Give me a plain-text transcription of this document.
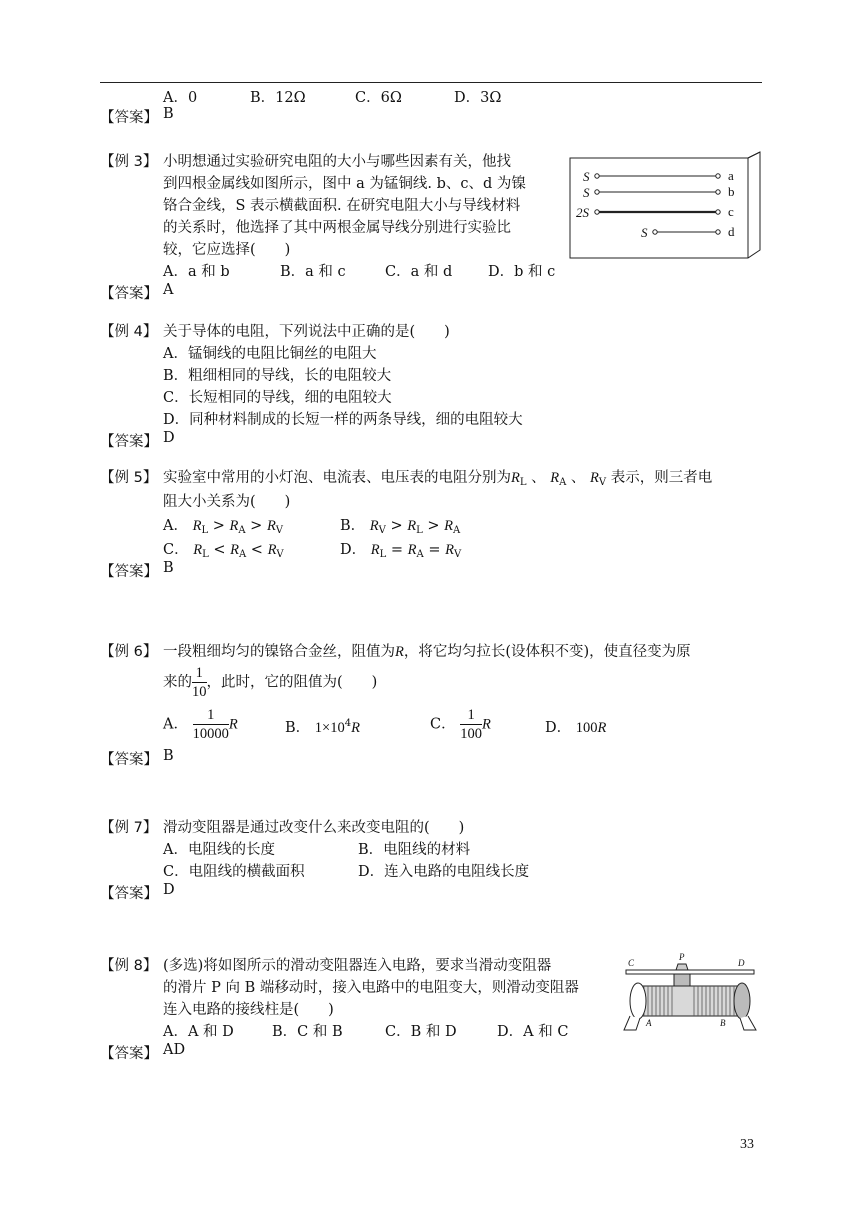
A．0	B．12Ω	C．6Ω	D．3Ω
【答案】 B
【例 3】 小明想通过实验研究电阻的大小与哪些因素有关，他找
到四根金属线如图所示，图中 a 为锰铜线. b、c、d 为镍
铬合金线，S 表示横截面积. 在研究电阻大小与导线材料
的关系时，他选择了其中两根金属导线分别进行实验比
较，它应选择(　　)
A．a 和 b	B．a 和 c	C．a 和 d D．b 和 c
【答案】 A
S
S
2S
S
a
b
c
d
【例 4】 关于导体的电阻，下列说法中正确的是(　　)
A．锰铜线的电阻比铜丝的电阻大
B．粗细相同的导线，长的电阻较大
C．长短相同的导线，细的电阻较大
D．同种材料制成的长短一样的两条导线，细的电阻较大
【答案】 D
【例 5】 实验室中常用的小灯泡、电流表、电压表的电阻分别为$R_L$ 、 $R_A$ 、 $R_V$ 表示，则三者电
阻大小关系为(　　)
A． $R_L > R_A > R_V$	B． $R_V > R_L > R_A$
C． $R_L < R_A < R_V$	D． $R_L = R_A = R_V$
【答案】 B
【例 6】 一段粗细均匀的镍铬合金丝，阻值为R，将它均匀拉长(设体积不变)，使直径变为原
来的 $\frac{1}{10}$ ，此时，它的阻值为(　　)
A． $\frac{1}{10000}$ R	B． $1\times 10^4R$	C． $\frac{1}{100}$ R	D． 100R
【答案】 B
【例 7】 滑动变阻器是通过改变什么来改变电阻的(　　)
A．电阻线的长度	B．电阻线的材料
C．电阻线的横截面积	D．连入电路的电阻线长度
【答案】 D
【例 8】 (多选)将如图所示的滑动变阻器连入电路，要求当滑动变阻器
的滑片 P 向 B 端移动时，接入电路中的电阻变大，则滑动变阻器
连入电路的接线柱是(　　)
A．A 和 D	B．C 和 B	C．B 和 D	D．A 和 C
【答案】 AD
C
P
D
A	B
33
